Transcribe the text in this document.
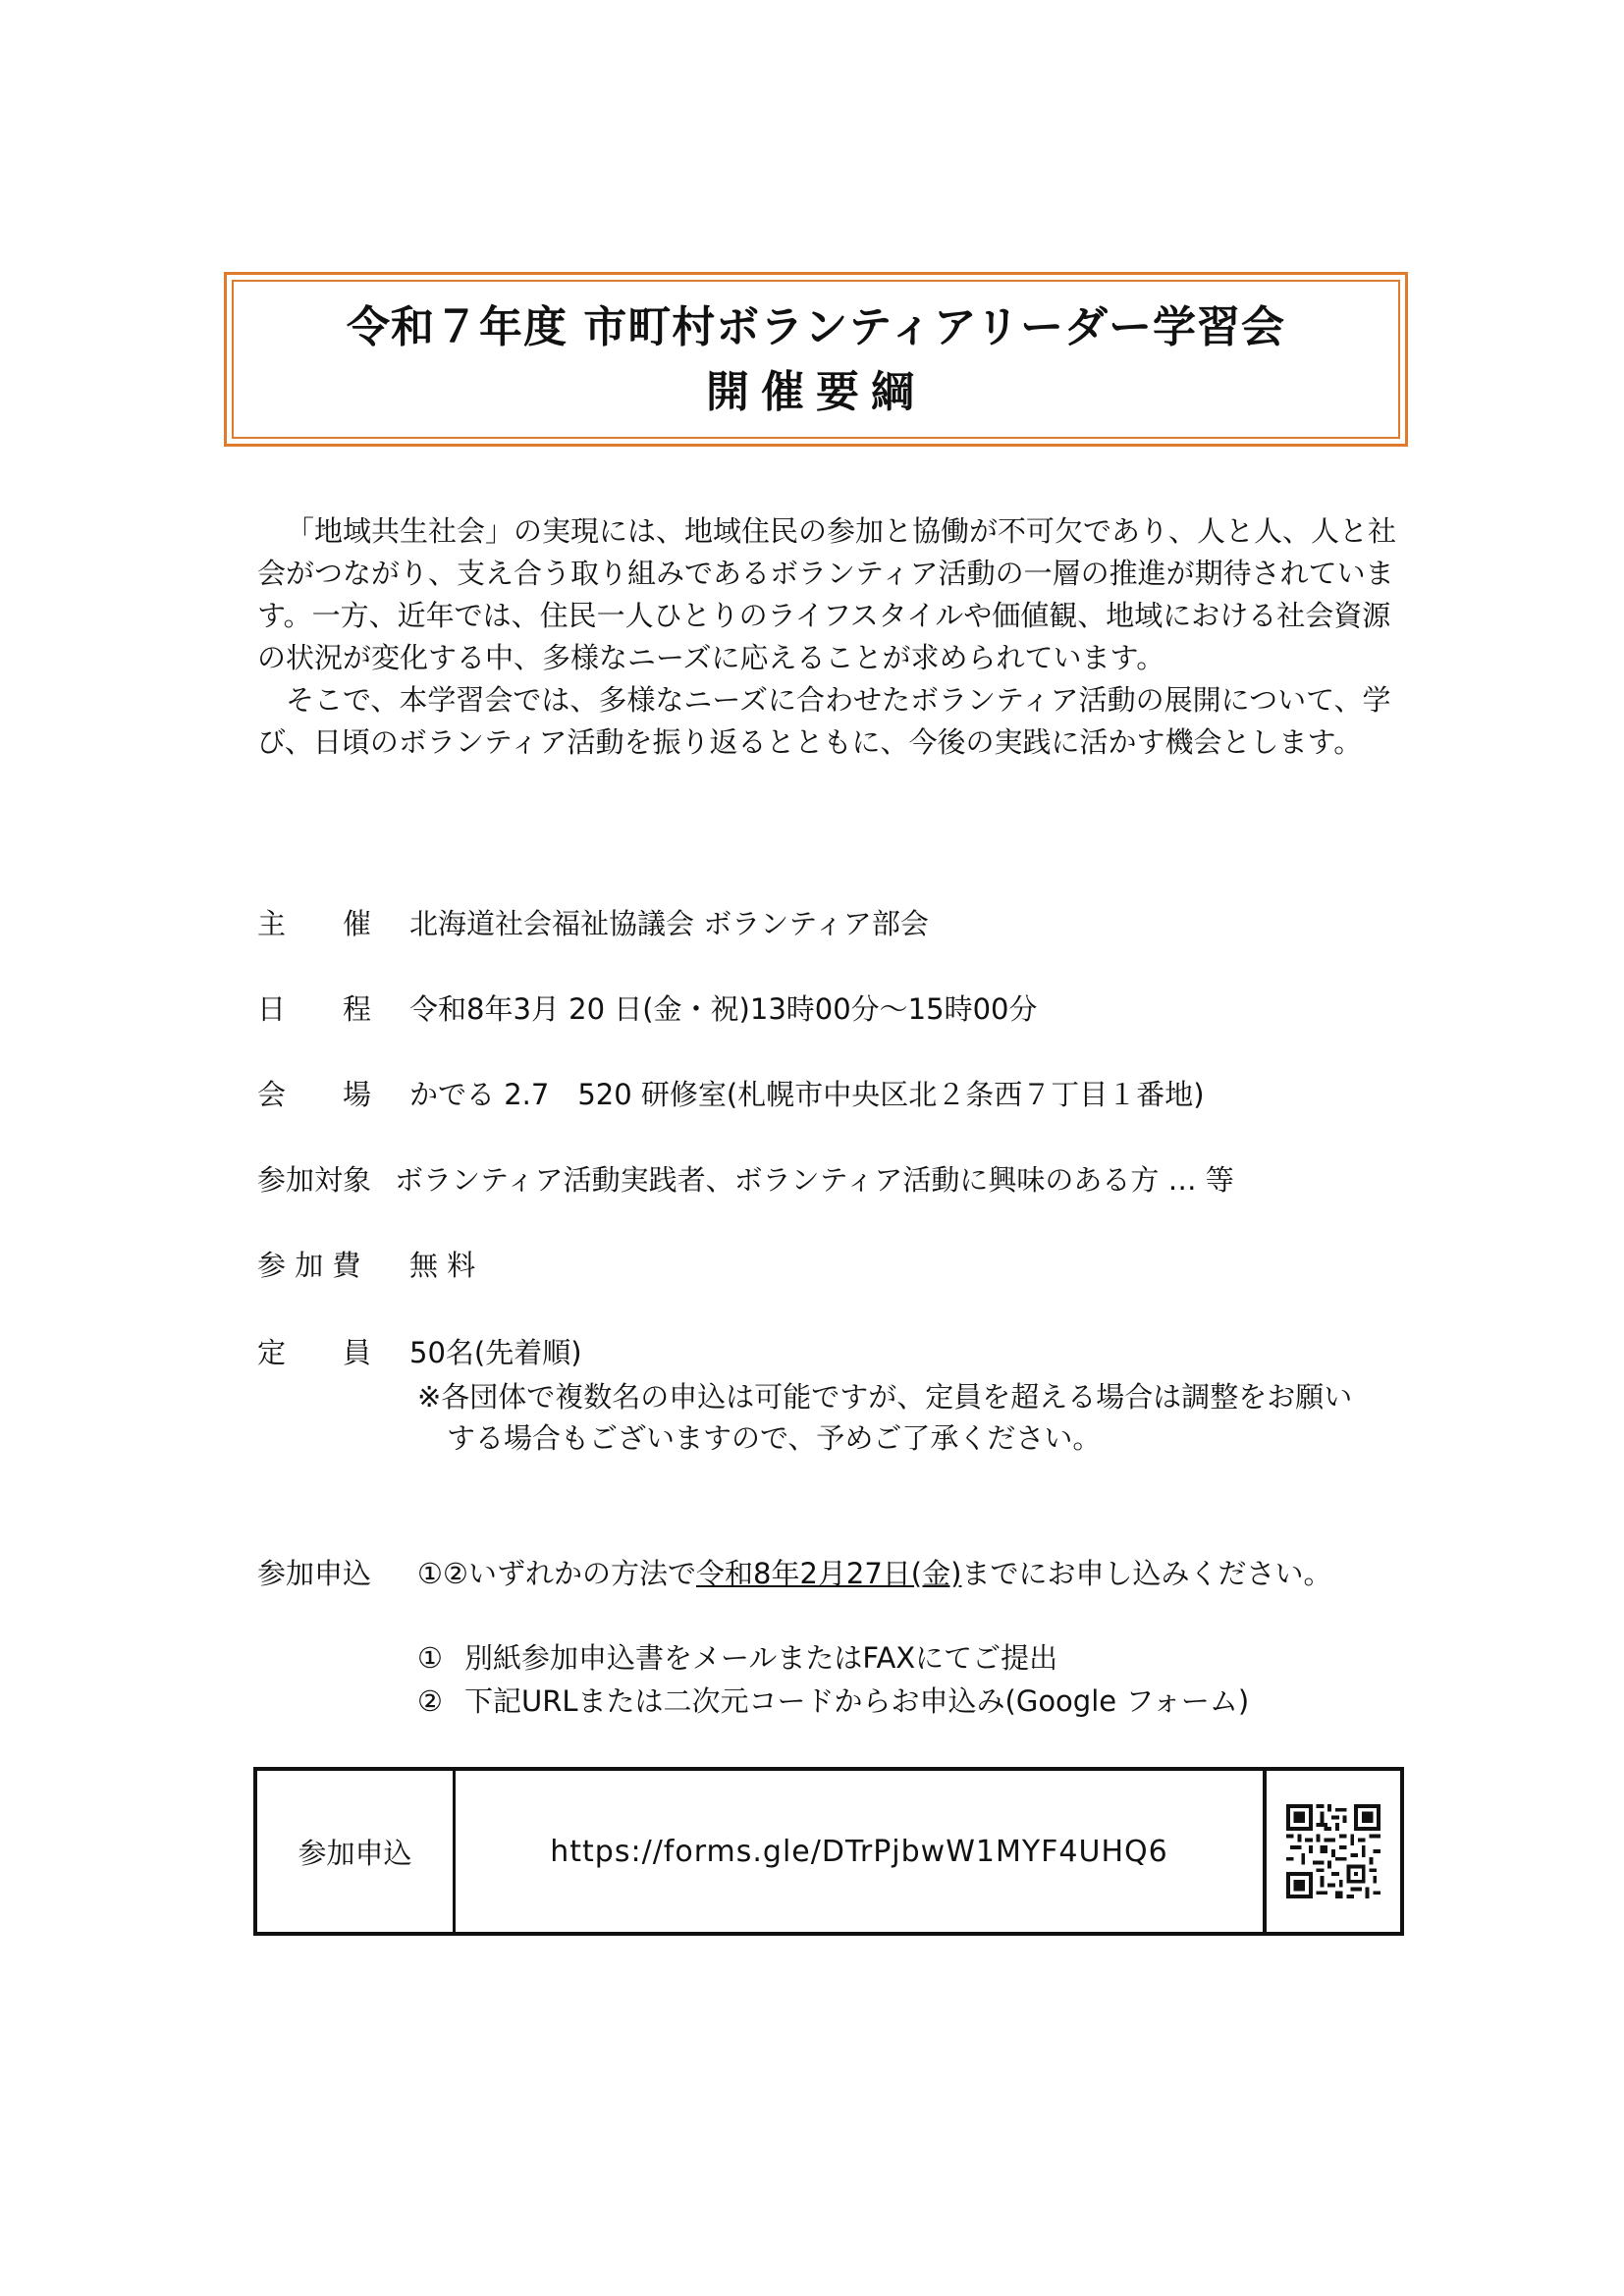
令和７年度 市町村ボランティアリーダー学習会
開催要綱

「地域共生社会」の実現には、地域住民の参加と協働が不可欠であり、人と人、人と社会がつながり、支え合う取り組みであるボランティア活動の一層の推進が期待されています。一方、近年では、住民一人ひとりのライフスタイルや価値観、地域における社会資源の状況が変化する中、多様なニーズに応えることが求められています。

そこで、本学習会では、多様なニーズに合わせたボランティア活動の展開について、学び、日頃のボランティア活動を振り返るとともに、今後の実践に活かす機会とします。

主　　催 北海道社会福祉協議会 ボランティア部会
日　　程 令和8年3月 20 日(金・祝)13時00分～15時00分
会　　場 かでる 2.7　520 研修室(札幌市中央区北２条西７丁目１番地)
参加対象 ボランティア活動実践者、ボランティア活動に興味のある方 … 等
参 加 費 無 料
定　　員 50名(先着順)
※各団体で複数名の申込は可能ですが、定員を超える場合は調整をお願い
する場合もございますので、予めご了承ください。
参加申込 ①②いずれかの方法で令和8年2月27日(金)までにお申し込みください。
① 別紙参加申込書をメールまたはFAXにてご提出
② 下記URLまたは二次元コードからお申込み(Google フォーム)
参加申込	https://forms.gle/DTrPjbwW1MYF4UHQ6
